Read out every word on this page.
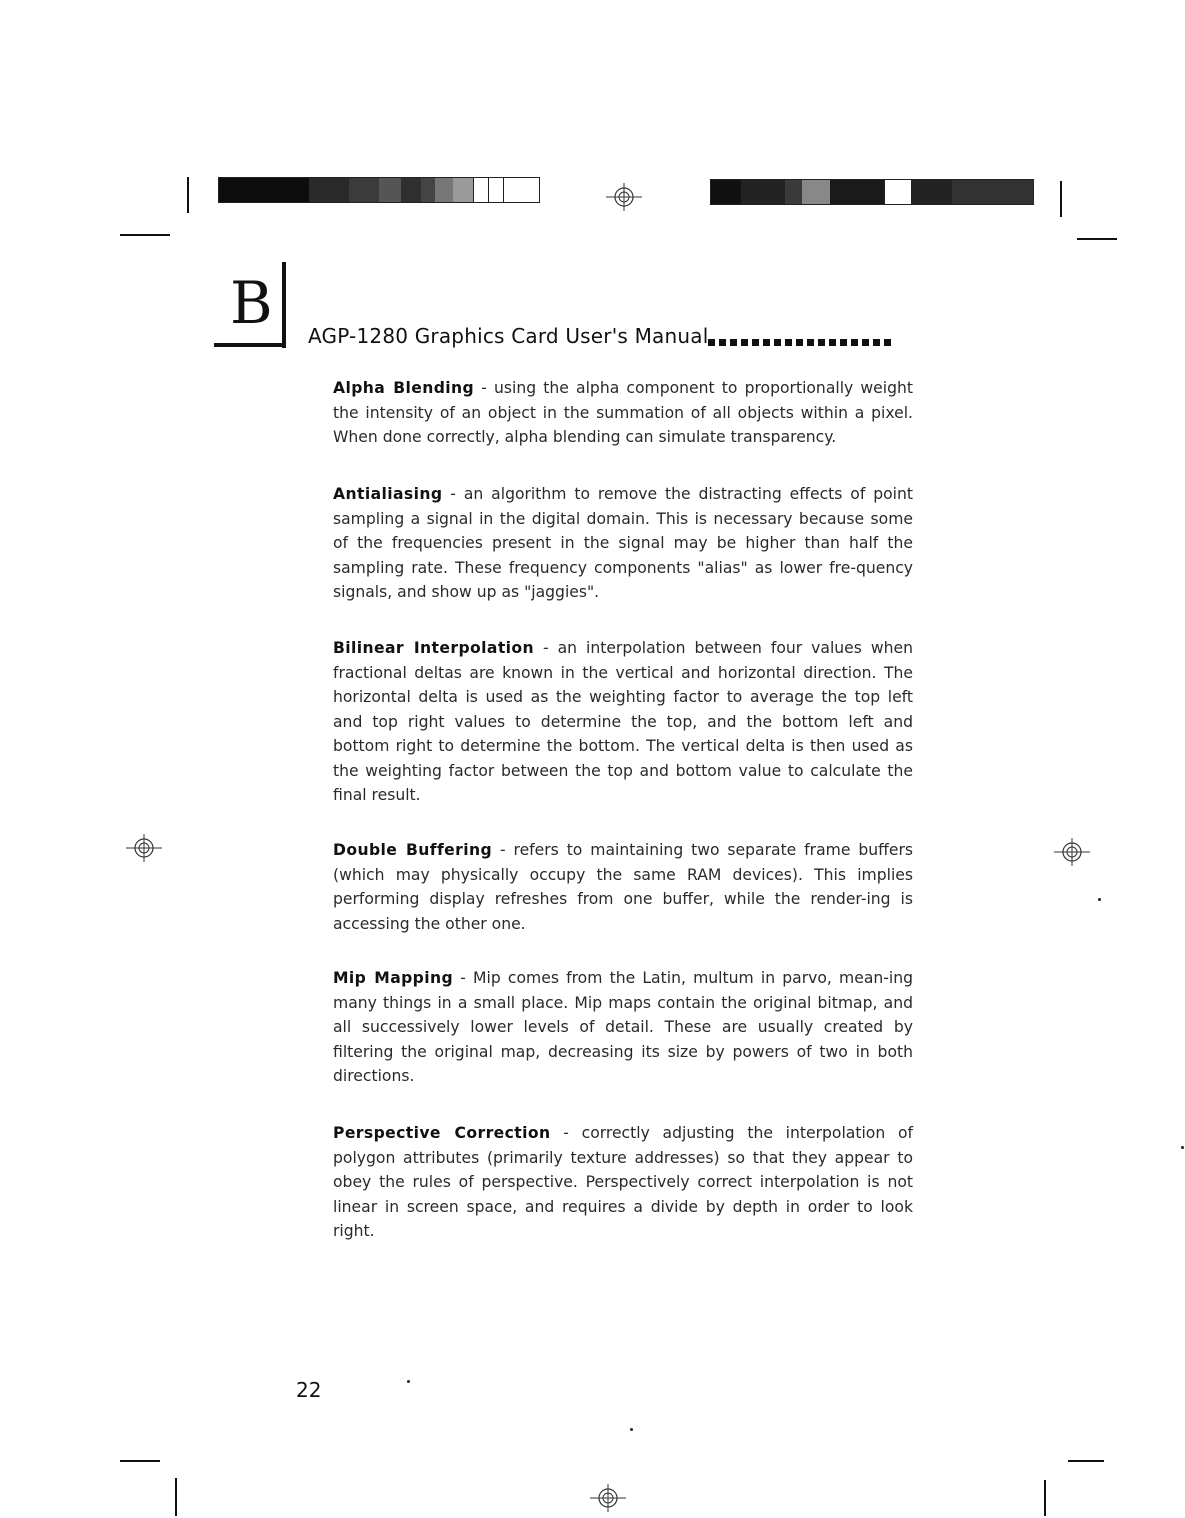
B AGP-1280 Graphics Card User's Manual

Alpha Blending - using the alpha component to proportionally weight the intensity of an object in the summation of all objects within a pixel. When done correctly, alpha blending can simulate transparency.

Antialiasing - an algorithm to remove the distracting effects of point sampling a signal in the digital domain. This is necessary because some of the frequencies present in the signal may be higher than half the sampling rate. These frequency components "alias" as lower fre-quency signals, and show up as "jaggies".

Bilinear Interpolation - an interpolation between four values when fractional deltas are known in the vertical and horizontal direction. The horizontal delta is used as the weighting factor to average the top left and top right values to determine the top, and the bottom left and bottom right to determine the bottom. The vertical delta is then used as the weighting factor between the top and bottom value to calculate the final result.

Double Buffering - refers to maintaining two separate frame buffers (which may physically occupy the same RAM devices). This implies performing display refreshes from one buffer, while the render-ing is accessing the other one.

Mip Mapping - Mip comes from the Latin, multum in parvo, mean-ing many things in a small place. Mip maps contain the original bitmap, and all successively lower levels of detail. These are usually created by filtering the original map, decreasing its size by powers of two in both directions.

Perspective Correction - correctly adjusting the interpolation of polygon attributes (primarily texture addresses) so that they appear to obey the rules of perspective. Perspectively correct interpolation is not linear in screen space, and requires a divide by depth in order to look right.

22
